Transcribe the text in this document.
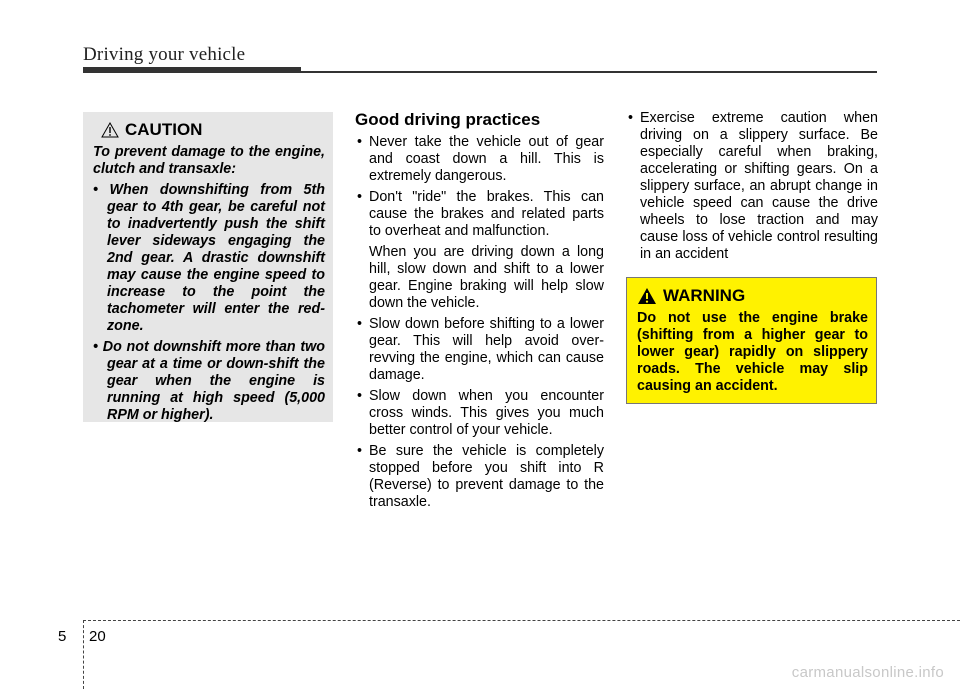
Driving your vehicle
CAUTION

To prevent damage to the engine, clutch and transaxle:

• When downshifting from 5th gear to 4th gear, be careful not to inadvertently push the shift lever sideways engaging the 2nd gear. A drastic downshift may cause the engine speed to increase to the point the tachometer will enter the red-zone.
• Do not downshift more than two gear at a time or down-shift the gear when the engine is running at high speed (5,000 RPM or higher).
Good driving practices
• Never take the vehicle out of gear and coast down a hill. This is extremely dangerous.
• Don't "ride" the brakes. This can cause the brakes and related parts to overheat and malfunction.
When you are driving down a long hill, slow down and shift to a lower gear. Engine braking will help slow down the vehicle.
• Slow down before shifting to a lower gear. This will help avoid over-revving the engine, which can cause damage.
• Slow down when you encounter cross winds. This gives you much better control of your vehicle.
• Be sure the vehicle is completely stopped before you shift into R (Reverse) to prevent damage to the transaxle.
• Exercise extreme caution when driving on a slippery surface. Be especially careful when braking, accelerating or shifting gears. On a slippery surface, an abrupt change in vehicle speed can cause the drive wheels to lose traction and may cause loss of vehicle control resulting in an accident
WARNING

Do not use the engine brake (shifting from a higher gear to lower gear) rapidly on slippery roads. The vehicle may slip causing an accident.

5 20
carmanualsonline.info
